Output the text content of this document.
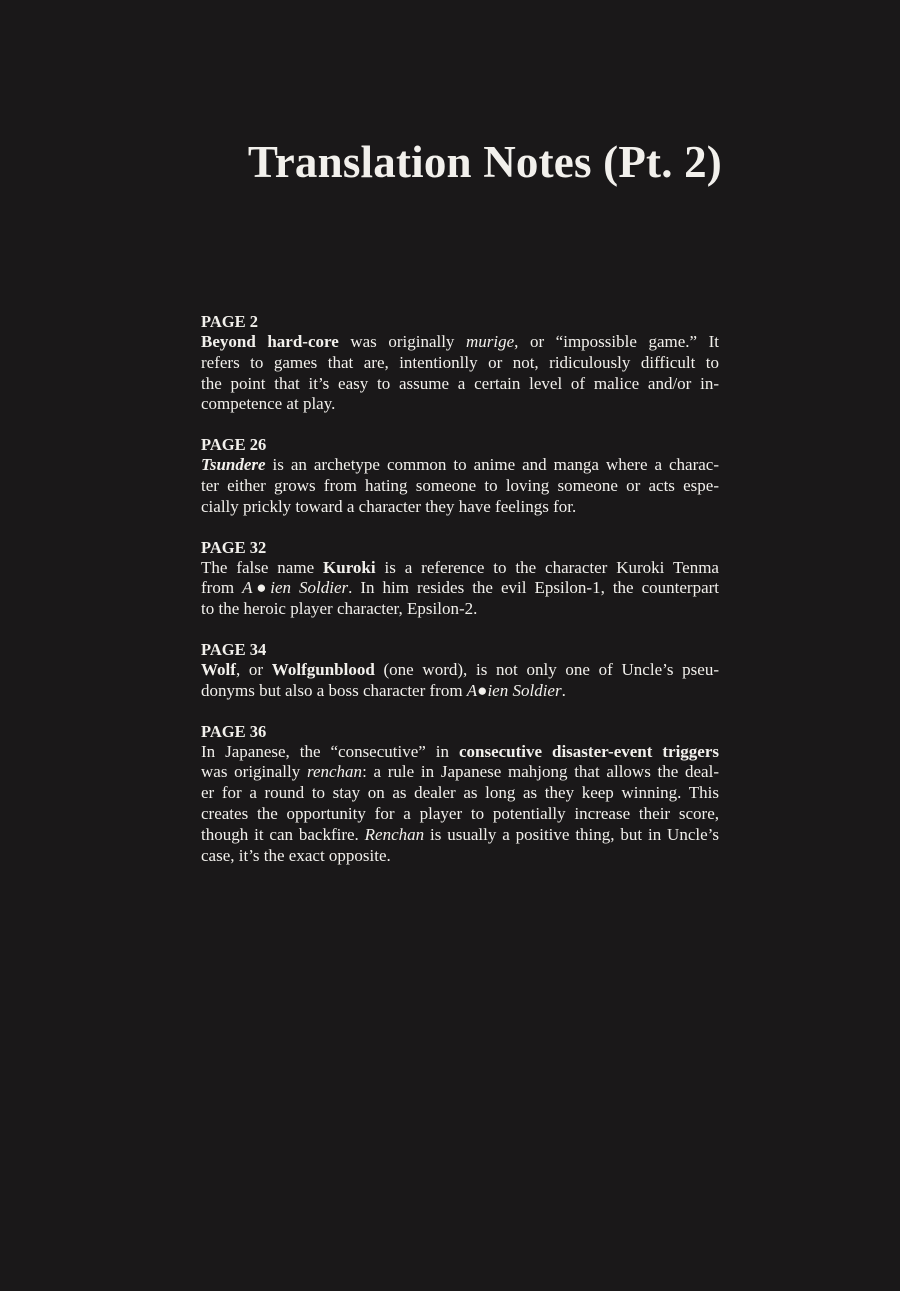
Translation Notes (Pt. 2)
PAGE 2
Beyond hard-core was originally murige, or “impossible game.” It
refers to games that are, intentionlly or not, ridiculously difficult to
the point that it’s easy to assume a certain level of malice and/or in-
competence at play.
PAGE 26
Tsundere is an archetype common to anime and manga where a charac-
ter either grows from hating someone to loving someone or acts espe-
cially prickly toward a character they have feelings for.
PAGE 32
The false name Kuroki is a reference to the character Kuroki Tenma
from A●ien Soldier. In him resides the evil Epsilon-1, the counterpart
to the heroic player character, Epsilon-2.
PAGE 34
Wolf, or Wolfgunblood (one word), is not only one of Uncle’s pseu-
donyms but also a boss character from A●ien Soldier.
PAGE 36
In Japanese, the “consecutive” in consecutive disaster-event triggers
was originally renchan: a rule in Japanese mahjong that allows the deal-
er for a round to stay on as dealer as long as they keep winning. This
creates the opportunity for a player to potentially increase their score,
though it can backfire. Renchan is usually a positive thing, but in Uncle’s
case, it’s the exact opposite.
